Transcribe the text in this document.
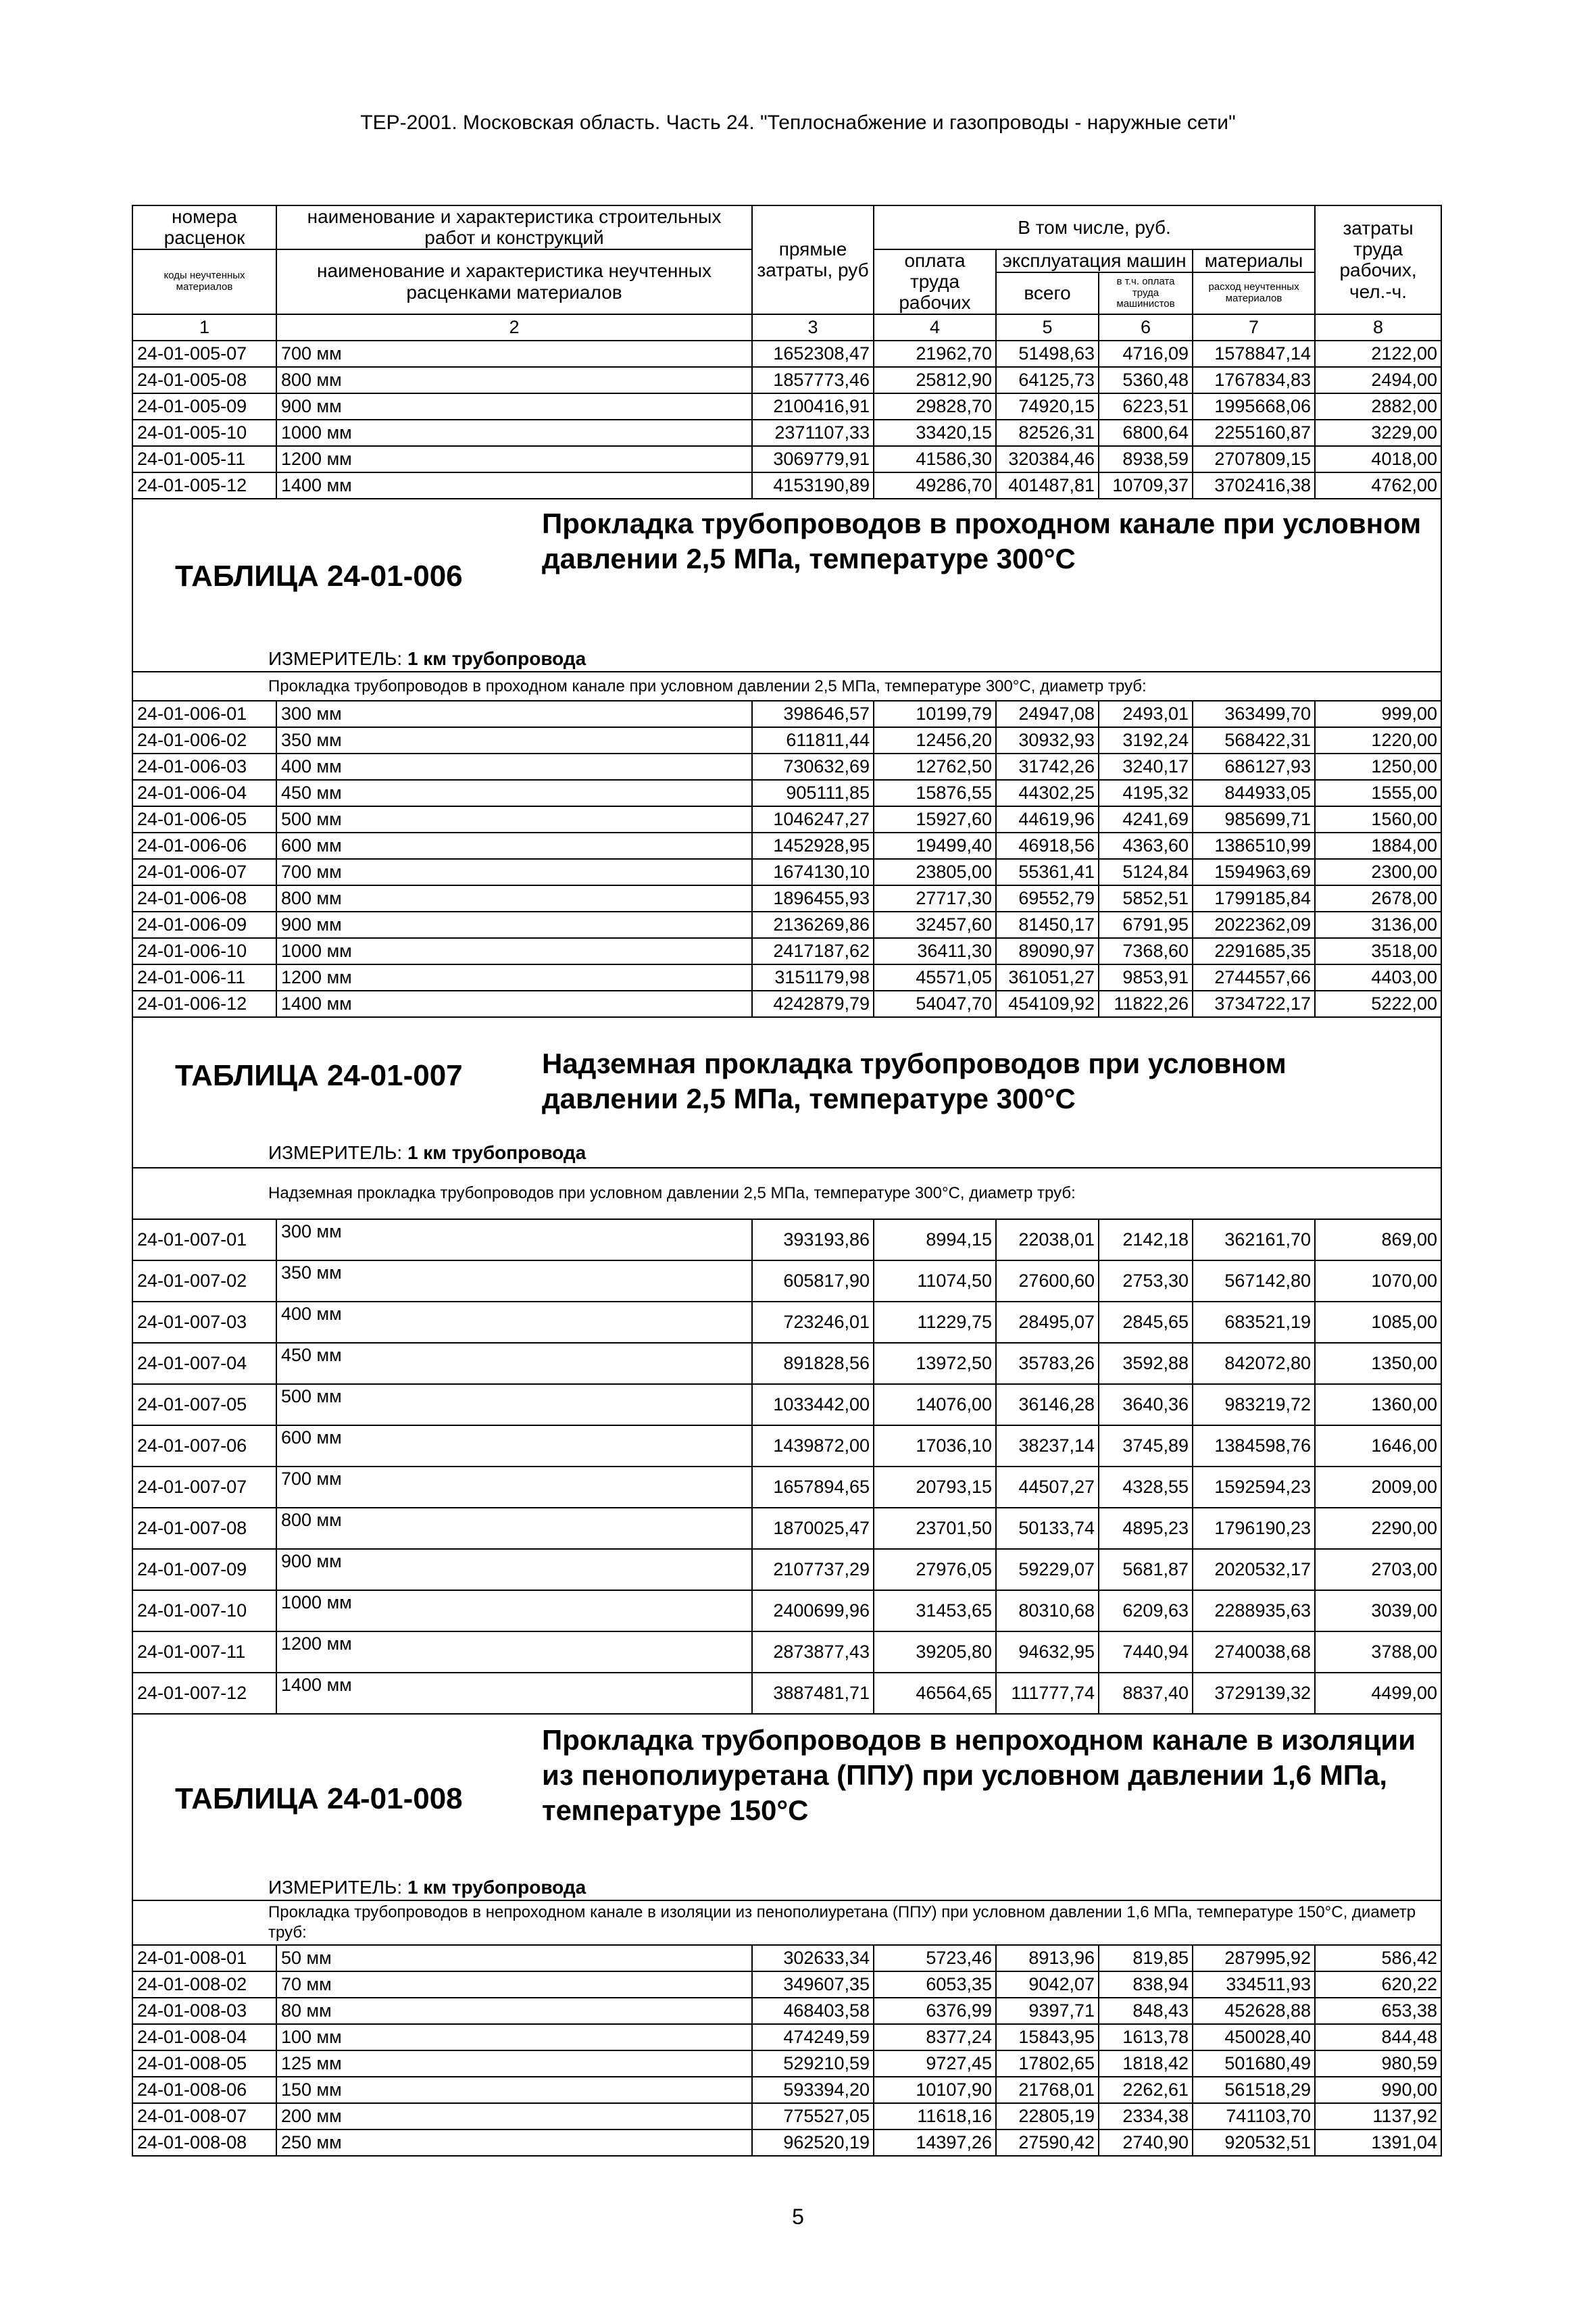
ТЕР-2001. Московская область. Часть 24. "Теплоснабжение и газопроводы - наружные сети"
номера расценок	наименование и характеристика строительных работ и конструкций	прямые затраты, руб	В том числе, руб.				затраты труда рабочих, чел.-ч.
коды неучтенных материалов	наименование и характеристика неучтенных расценками материалов		оплата труда рабочих	эксплуатация машин		материалы	
				всего	в т.ч. оплата труда машинистов	расход неучтенных материалов	
1	2	3	4	5	6	7	8
24-01-005-07	700 мм	1652308,47	21962,70	51498,63	4716,09	1578847,14	2122,00
24-01-005-08	800 мм	1857773,46	25812,90	64125,73	5360,48	1767834,83	2494,00
24-01-005-09	900 мм	2100416,91	29828,70	74920,15	6223,51	1995668,06	2882,00
24-01-005-10	1000 мм	2371107,33	33420,15	82526,31	6800,64	2255160,87	3229,00
24-01-005-11	1200 мм	3069779,91	41586,30	320384,46	8938,59	2707809,15	4018,00
24-01-005-12	1400 мм	4153190,89	49286,70	401487,81	10709,37	3702416,38	4762,00

ТАБЛИЦА 24-01-006
Прокладка трубопроводов в проходном канале при условном давлении 2,5 МПа, температуре 300°С
ИЗМЕРИТЕЛЬ: 1 км трубопровода							

Прокладка трубопроводов в проходном канале при условном давлении 2,5 МПа, температуре 300°С, диаметр труб:							
24-01-006-01	300 мм	398646,57	10199,79	24947,08	2493,01	363499,70	999,00
24-01-006-02	350 мм	611811,44	12456,20	30932,93	3192,24	568422,31	1220,00
24-01-006-03	400 мм	730632,69	12762,50	31742,26	3240,17	686127,93	1250,00
24-01-006-04	450 мм	905111,85	15876,55	44302,25	4195,32	844933,05	1555,00
24-01-006-05	500 мм	1046247,27	15927,60	44619,96	4241,69	985699,71	1560,00
24-01-006-06	600 мм	1452928,95	19499,40	46918,56	4363,60	1386510,99	1884,00
24-01-006-07	700 мм	1674130,10	23805,00	55361,41	5124,84	1594963,69	2300,00
24-01-006-08	800 мм	1896455,93	27717,30	69552,79	5852,51	1799185,84	2678,00
24-01-006-09	900 мм	2136269,86	32457,60	81450,17	6791,95	2022362,09	3136,00
24-01-006-10	1000 мм	2417187,62	36411,30	89090,97	7368,60	2291685,35	3518,00
24-01-006-11	1200 мм	3151179,98	45571,05	361051,27	9853,91	2744557,66	4403,00
24-01-006-12	1400 мм	4242879,79	54047,70	454109,92	11822,26	3734722,17	5222,00

ТАБЛИЦА 24-01-007 Надземная прокладка трубопроводов при условном давлении 2,5 МПа, температуре 300°С
ИЗМЕРИТЕЛЬ: 1 км трубопровода							

Надземная прокладка трубопроводов при условном давлении 2,5 МПа, температуре 300°С, диаметр труб:							
24-01-007-01	300 мм	393193,86	8994,15	22038,01	2142,18	362161,70	869,00
24-01-007-02	350 мм	605817,90	11074,50	27600,60	2753,30	567142,80	1070,00
24-01-007-03	400 мм	723246,01	11229,75	28495,07	2845,65	683521,19	1085,00
24-01-007-04	450 мм	891828,56	13972,50	35783,26	3592,88	842072,80	1350,00
24-01-007-05	500 мм	1033442,00	14076,00	36146,28	3640,36	983219,72	1360,00
24-01-007-06	600 мм	1439872,00	17036,10	38237,14	3745,89	1384598,76	1646,00
24-01-007-07	700 мм	1657894,65	20793,15	44507,27	4328,55	1592594,23	2009,00
24-01-007-08	800 мм	1870025,47	23701,50	50133,74	4895,23	1796190,23	2290,00
24-01-007-09	900 мм	2107737,29	27976,05	59229,07	5681,87	2020532,17	2703,00
24-01-007-10	1000 мм	2400699,96	31453,65	80310,68	6209,63	2288935,63	3039,00
24-01-007-11	1200 мм	2873877,43	39205,80	94632,95	7440,94	2740038,68	3788,00
24-01-007-12	1400 мм	3887481,71	46564,65	111777,74	8837,40	3729139,32	4499,00

ТАБЛИЦА 24-01-008
Прокладка трубопроводов в непроходном канале в изоляции из пенополиуретана (ППУ) при условном давлении 1,6 МПа, температуре 150°С
ИЗМЕРИТЕЛЬ: 1 км трубопровода							

Прокладка трубопроводов в непроходном канале в изоляции из пенополиуретана (ППУ) при условном давлении 1,6 МПа, температуре 150°С, диаметр труб:							
24-01-008-01	50 мм	302633,34	5723,46	8913,96	819,85	287995,92	586,42
24-01-008-02	70 мм	349607,35	6053,35	9042,07	838,94	334511,93	620,22
24-01-008-03	80 мм	468403,58	6376,99	9397,71	848,43	452628,88	653,38
24-01-008-04	100 мм	474249,59	8377,24	15843,95	1613,78	450028,40	844,48
24-01-008-05	125 мм	529210,59	9727,45	17802,65	1818,42	501680,49	980,59
24-01-008-06	150 мм	593394,20	10107,90	21768,01	2262,61	561518,29	990,00
24-01-008-07	200 мм	775527,05	11618,16	22805,19	2334,38	741103,70	1137,92
24-01-008-08	250 мм	962520,19	14397,26	27590,42	2740,90	920532,51	1391,04
5
